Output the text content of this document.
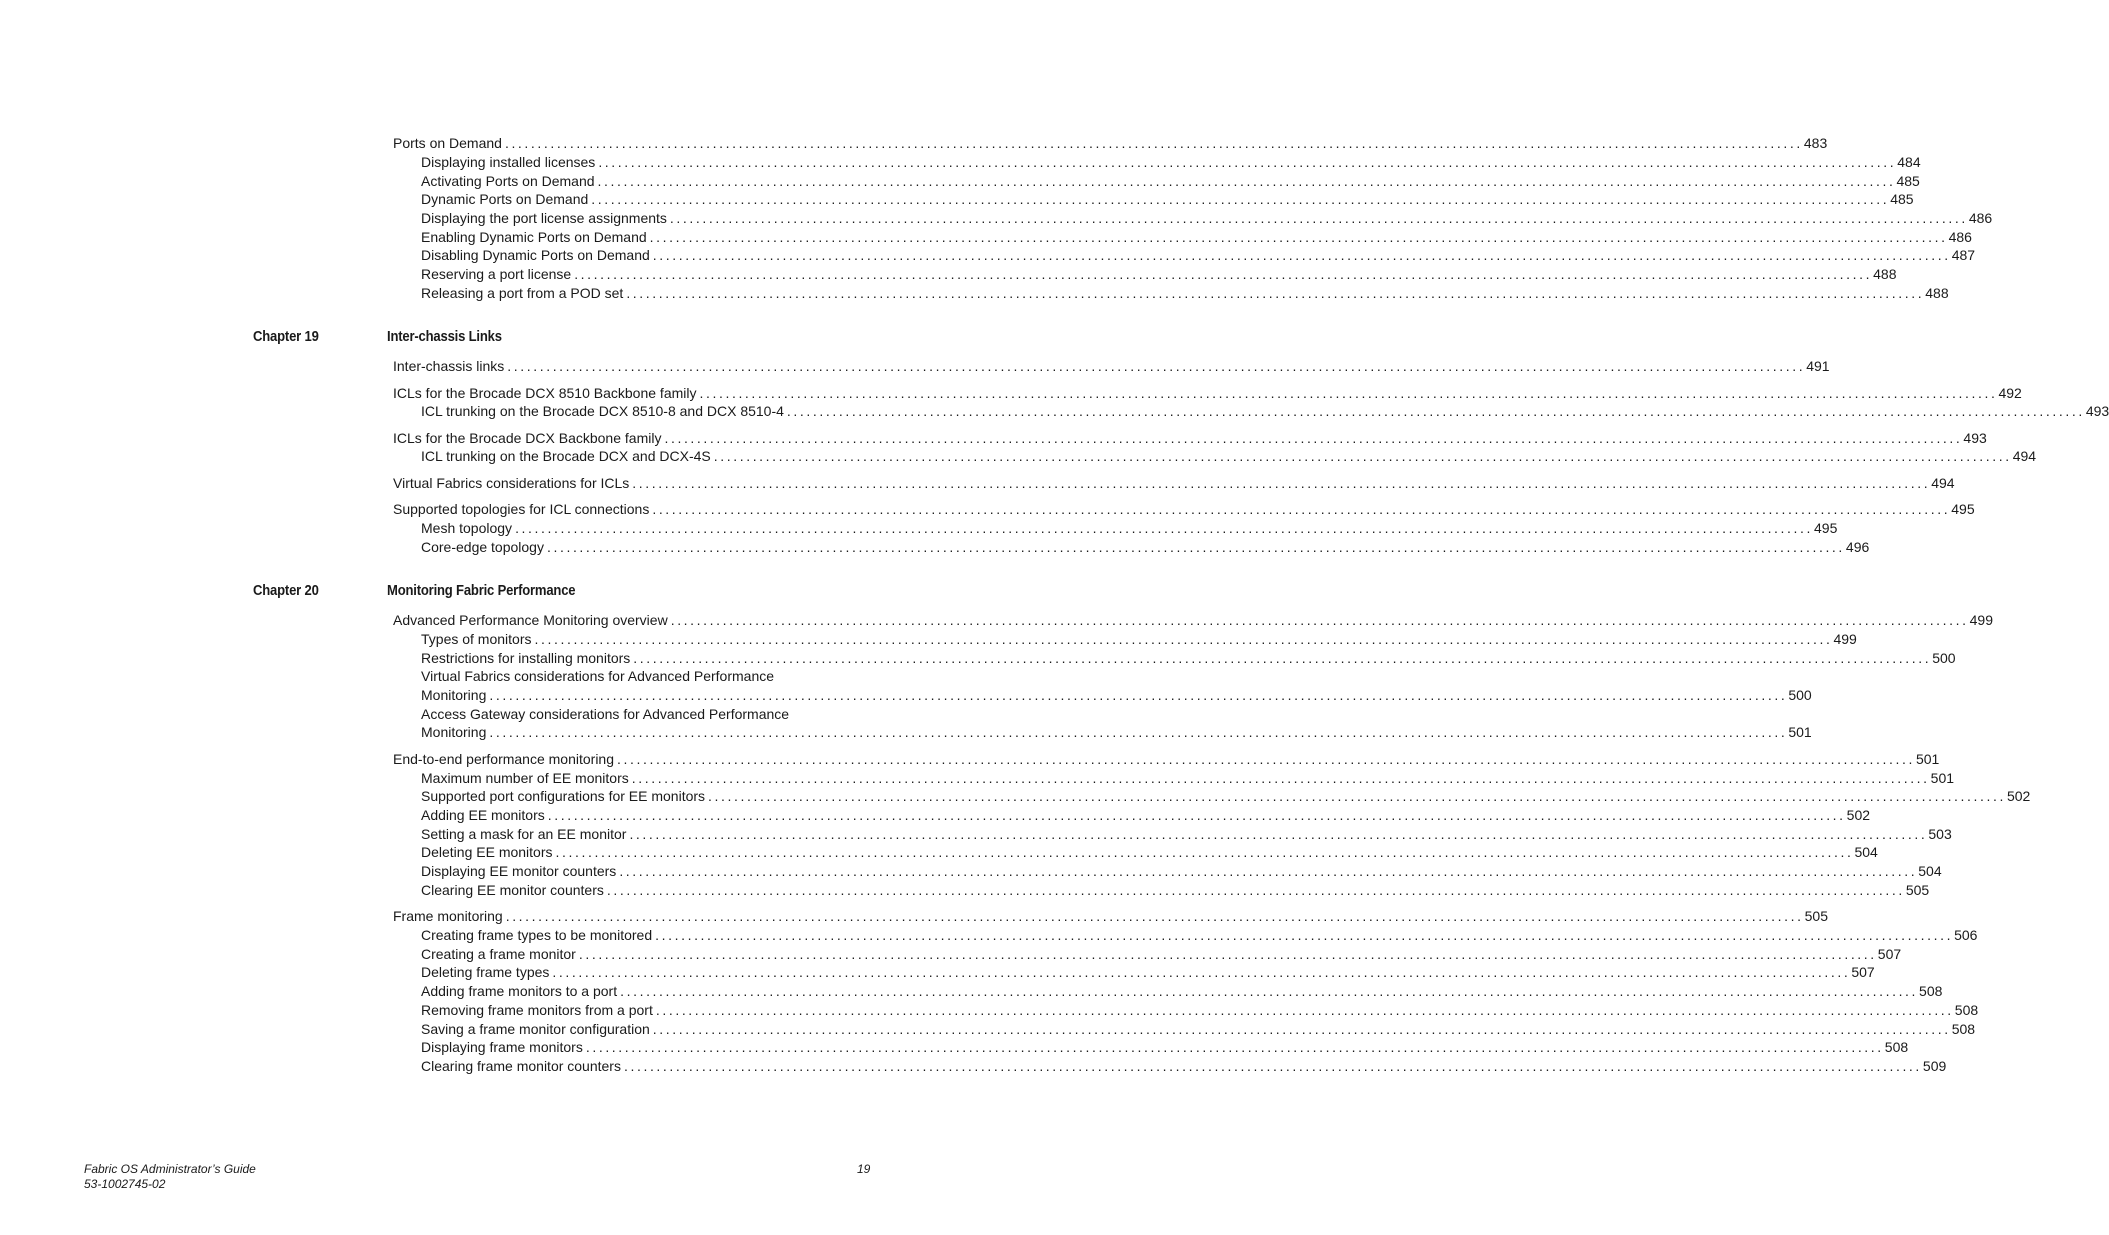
Ports on Demand ........................................................................................................................................................................................................ 483
Displaying installed licenses ........................................................................................................................................................................................................ 484
Activating Ports on Demand ........................................................................................................................................................................................................ 485
Dynamic Ports on Demand ........................................................................................................................................................................................................ 485
Displaying the port license assignments ........................................................................................................................................................................................................ 486
Enabling Dynamic Ports on Demand ........................................................................................................................................................................................................ 486
Disabling Dynamic Ports on Demand ........................................................................................................................................................................................................ 487
Reserving a port license ........................................................................................................................................................................................................ 488
Releasing a port from a POD set ........................................................................................................................................................................................................ 488
Chapter 19	Inter-chassis Links
Inter-chassis links ........................................................................................................................................................................................................ 491
ICLs for the Brocade DCX 8510 Backbone family ........................................................................................................................................................................................................ 492
ICL trunking on the Brocade DCX 8510-8 and DCX 8510-4 ........................................................................................................................................................................................................ 493
ICLs for the Brocade DCX Backbone family ........................................................................................................................................................................................................ 493
ICL trunking on the Brocade DCX and DCX-4S ........................................................................................................................................................................................................ 494
Virtual Fabrics considerations for ICLs ........................................................................................................................................................................................................ 494
Supported topologies for ICL connections ........................................................................................................................................................................................................ 495
Mesh topology ........................................................................................................................................................................................................ 495
Core-edge topology ........................................................................................................................................................................................................ 496
Chapter 20	Monitoring Fabric Performance
Advanced Performance Monitoring overview ........................................................................................................................................................................................................ 499
Types of monitors ........................................................................................................................................................................................................ 499
Restrictions for installing monitors ........................................................................................................................................................................................................ 500
Virtual Fabrics considerations for Advanced Performance
Monitoring ........................................................................................................................................................................................................ 500
Access Gateway considerations for Advanced Performance
Monitoring ........................................................................................................................................................................................................ 501
End-to-end performance monitoring ........................................................................................................................................................................................................ 501
Maximum number of EE monitors ........................................................................................................................................................................................................ 501
Supported port configurations for EE monitors ........................................................................................................................................................................................................ 502
Adding EE monitors ........................................................................................................................................................................................................ 502
Setting a mask for an EE monitor ........................................................................................................................................................................................................ 503
Deleting EE monitors ........................................................................................................................................................................................................ 504
Displaying EE monitor counters ........................................................................................................................................................................................................ 504
Clearing EE monitor counters ........................................................................................................................................................................................................ 505
Frame monitoring ........................................................................................................................................................................................................ 505
Creating frame types to be monitored ........................................................................................................................................................................................................ 506
Creating a frame monitor ........................................................................................................................................................................................................ 507
Deleting frame types ........................................................................................................................................................................................................ 507
Adding frame monitors to a port ........................................................................................................................................................................................................ 508
Removing frame monitors from a port ........................................................................................................................................................................................................ 508
Saving a frame monitor configuration ........................................................................................................................................................................................................ 508
Displaying frame monitors ........................................................................................................................................................................................................ 508
Clearing frame monitor counters ........................................................................................................................................................................................................ 509
Fabric OS Administrator’s Guide
53-1002745-02
19
